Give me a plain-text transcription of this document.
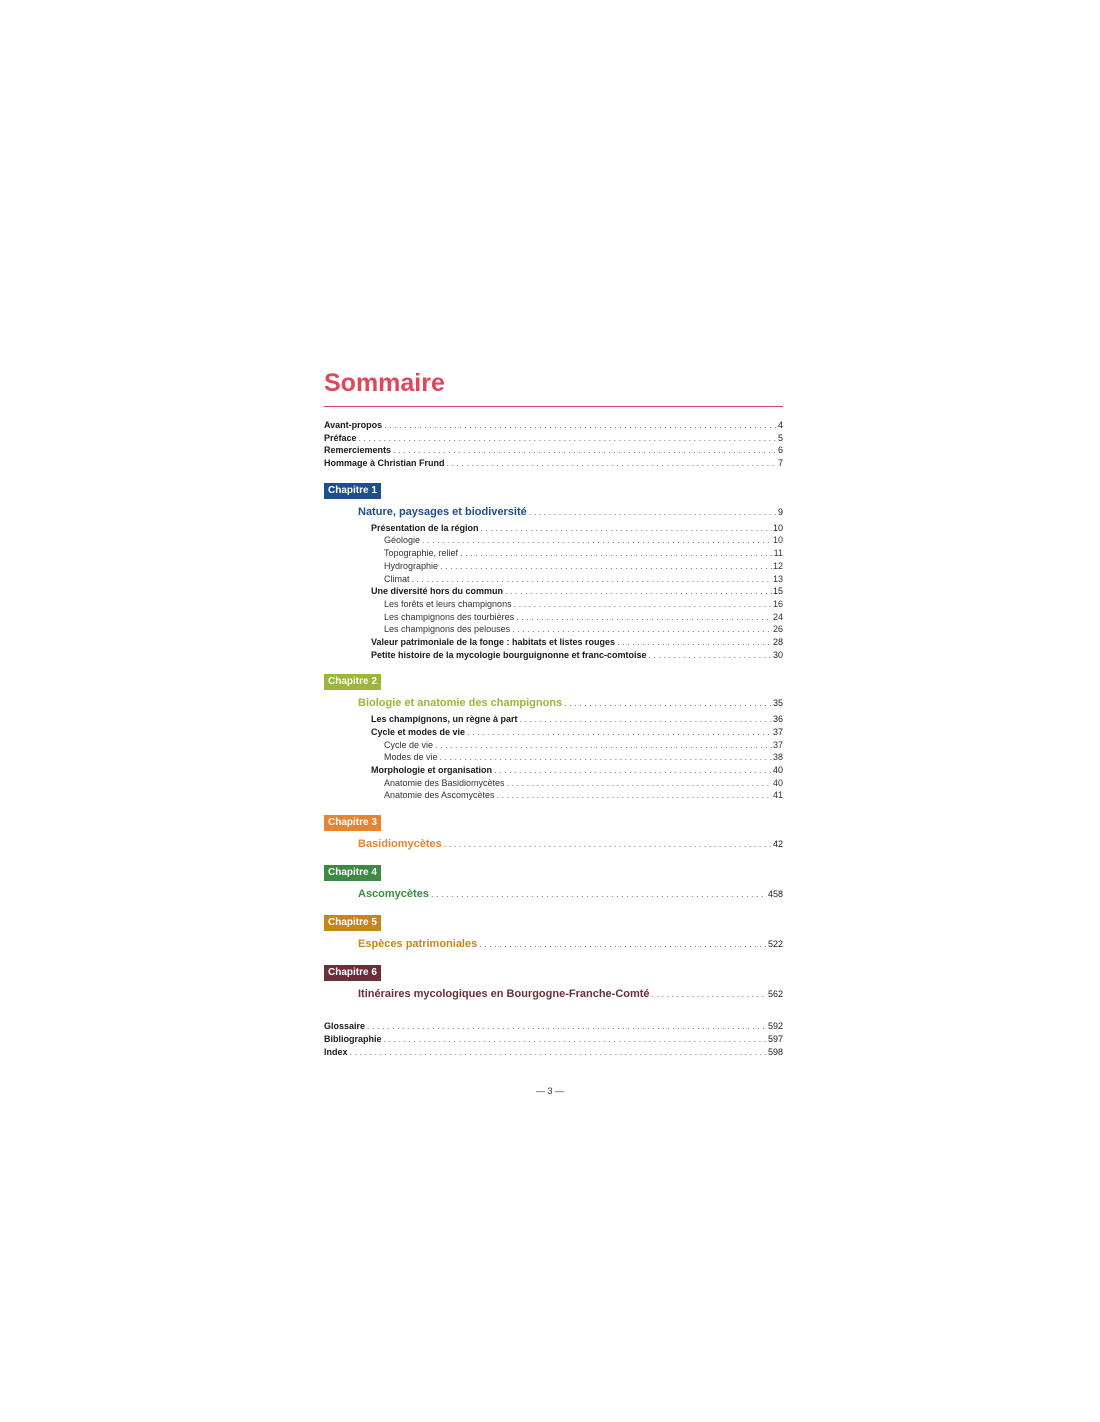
Sommaire
Avant-propos . . .	4
Préface . . .	5
Remerciements . . .	6
Hommage à Christian Frund . . .	7
Chapitre 1
Nature, paysages et biodiversité . . .	9
Présentation de la région . . .	10
Géologie . . .	10
Topographie, relief . . .	11
Hydrographie . . .	12
Climat . . .	13
Une diversité hors du commun . . .	15
Les forêts et leurs champignons . . .	16
Les champignons des tourbières . . .	24
Les champignons des pelouses . . .	26
Valeur patrimoniale de la fonge : habitats et listes rouges . . .	28
Petite histoire de la mycologie bourguignonne et franc-comtoise . . .	30
Chapitre 2
Biologie et anatomie des champignons . . .	35
Les champignons, un règne à part . . .	36
Cycle et modes de vie . . .	37
Cycle de vie . . .	37
Modes de vie . . .	38
Morphologie et organisation . . .	40
Anatomie des Basidiomycètes . . .	40
Anatomie des Ascomycètes . . .	41
Chapitre 3
Basidiomycètes . . .	42
Chapitre 4
Ascomycètes . . .	458
Chapitre 5
Espèces patrimoniales . . .	522
Chapitre 6
Itinéraires mycologiques en Bourgogne-Franche-Comté . . .	562
Glossaire . . .	592
Bibliographie . . .	597
Index . . .	598
— 3 —
